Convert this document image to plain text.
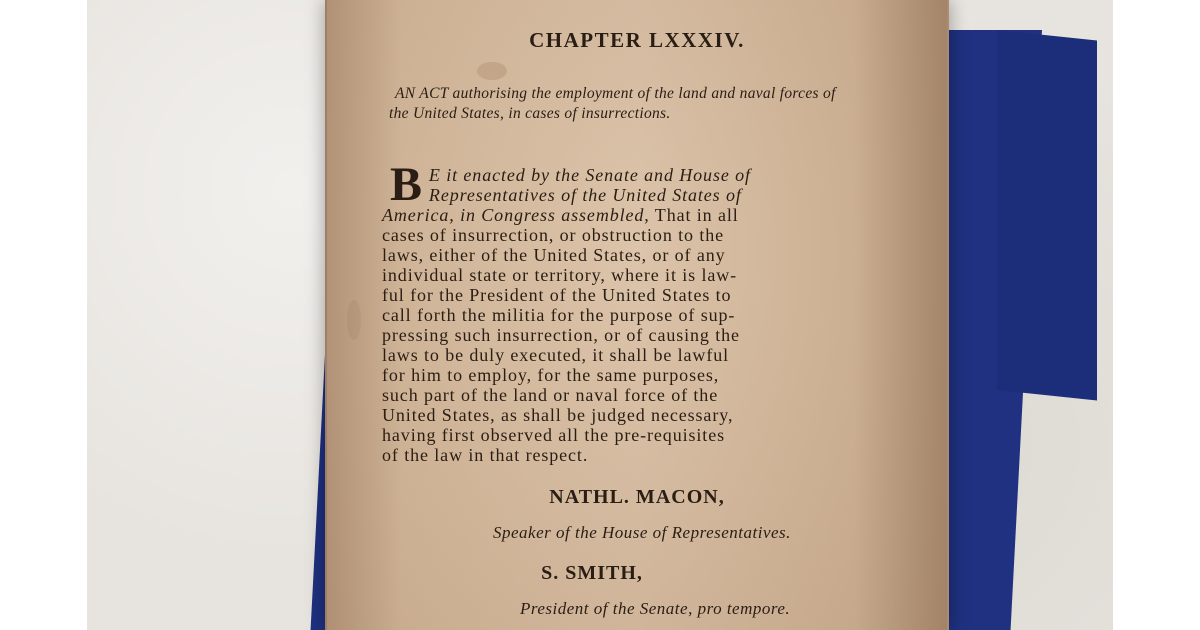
CHAPTER LXXXIV.
AN ACT authorising the employment of the land and naval forces of the United States, in cases of insurrections.
B E it enacted by the Senate and House of
Representatives of the United States of
America, in Congress assembled, That in all
cases of insurrection, or obstruction to the
laws, either of the United States, or of any
individual state or territory, where it is law-
ful for the President of the United States to
call forth the militia for the purpose of sup-
pressing such insurrection, or of causing the
laws to be duly executed, it shall be lawful
for him to employ, for the same purposes,
such part of the land or naval force of the
United States, as shall be judged necessary,
having first observed all the pre-requisites
of the law in that respect.
NATHL. MACON,
Speaker of the House of Representatives.
S. SMITH,
President of the Senate, pro tempore.
